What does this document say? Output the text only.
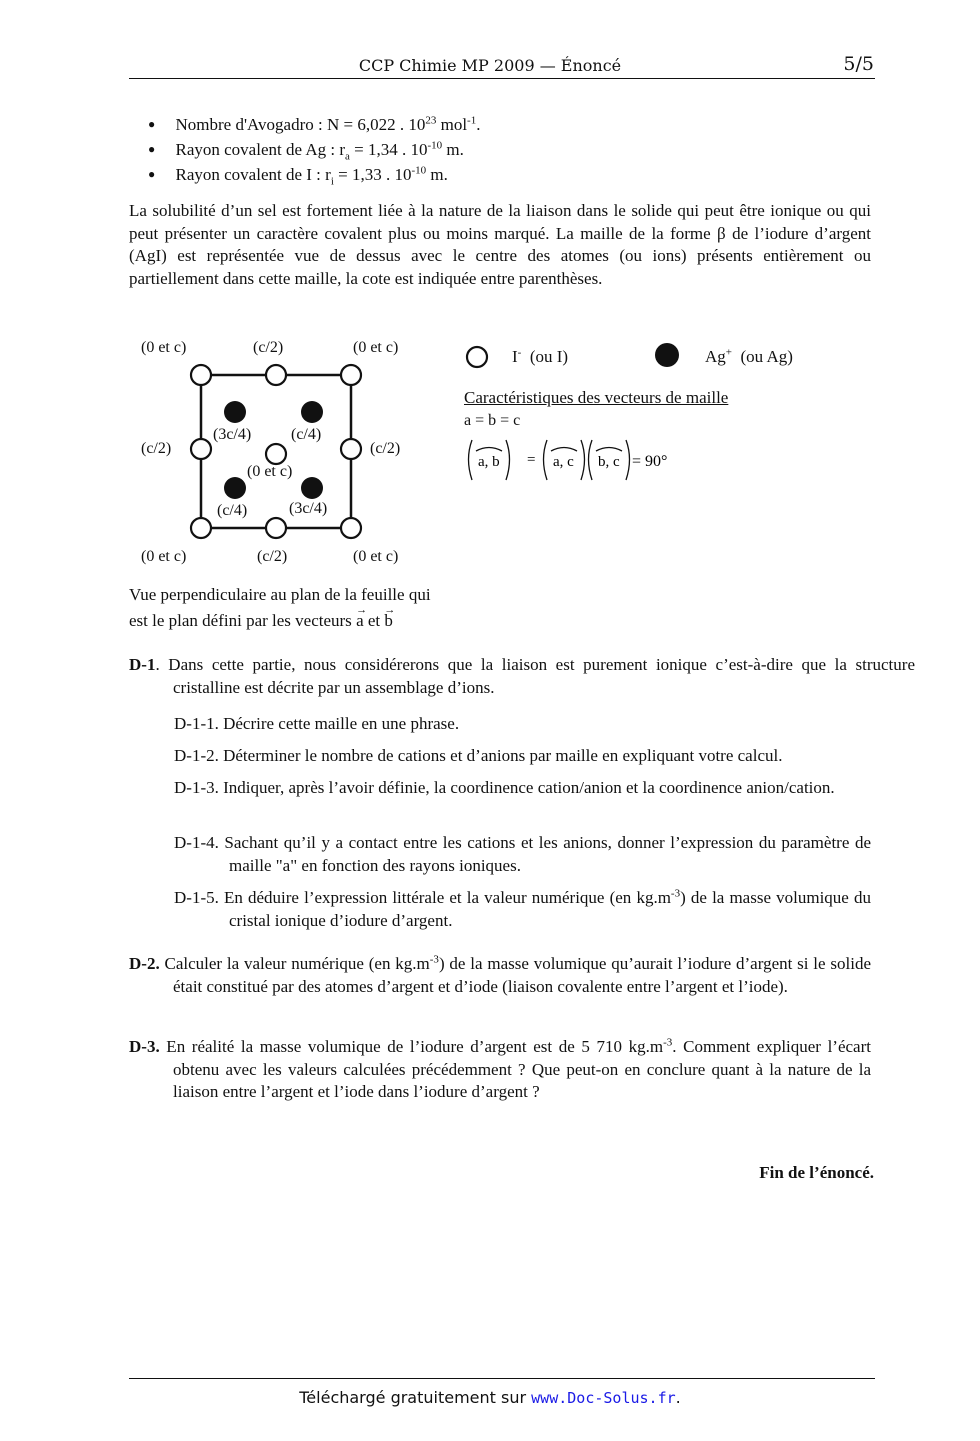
CCP Chimie MP 2009 — Énoncé	5/5
● Nombre d'Avogadro : N = 6,022 . $10^{23}$ mol$^{-1}$.
● Rayon covalent de Ag : $r_a = 1,34$ . $10^{-10}$ m.
● Rayon covalent de I : $r_i = 1,33$ . $10^{-10}$ m.
La solubilité d’un sel est fortement liée à la nature de la liaison dans le solide qui peut être ionique ou qui peut présenter un caractère covalent plus ou moins marqué. La maille de la forme β de l’iodure d’argent (AgI) est représentée vue de dessus avec le centre des atomes (ou ions) présents entièrement ou partiellement dans cette maille, la cote est indiquée entre parenthèses.
(0 et c)	(c/2)	(0 et c)
(c/2)	(c/2)
(3c/4) (c/4)
(0 et c)
(c/4)	(3c/4)
(0 et c)	(c/2)	(0 et c)
Vue perpendiculaire au plan de la feuille qui
est le plan défini par les vecteurs a → et b →
I- (ou I)	Ag+ (ou Ag)
Caractéristiques des vecteurs de maille
a = b = c
=
a, b	a, c b, c = 90°
D-1. Dans cette partie, nous considérerons que la liaison est purement ionique c’est-à-dire que la structure cristalline est décrite par un assemblage d’ions.
D-1-1. Décrire cette maille en une phrase.
D-1-2. Déterminer le nombre de cations et d’anions par maille en expliquant votre calcul.
D-1-3. Indiquer, après l’avoir définie, la coordinence cation/anion et la coordinence anion/cation.
D-1-4. Sachant qu’il y a contact entre les cations et les anions, donner l’expression du paramètre de maille "a" en fonction des rayons ioniques.
D-1-5. En déduire l’expression littérale et la valeur numérique (en $kg.m^{-3}$) de la masse volumique du cristal ionique d’iodure d’argent.
D-2. Calculer la valeur numérique (en $kg.m^{-3}$) de la masse volumique qu’aurait l’iodure d’argent si le solide était constitué par des atomes d’argent et d’iode (liaison covalente entre l’argent et l’iode).
D-3. En réalité la masse volumique de l’iodure d’argent est de 5 710 $kg.m^{-3}$. Comment expliquer l’écart obtenu avec les valeurs calculées précédemment ? Que peut-on en conclure quant à la nature de la liaison entre l’argent et l’iode dans l’iodure d’argent ?
Fin de l’énoncé.
Téléchargé gratuitement sur www.Doc-Solus.fr.
